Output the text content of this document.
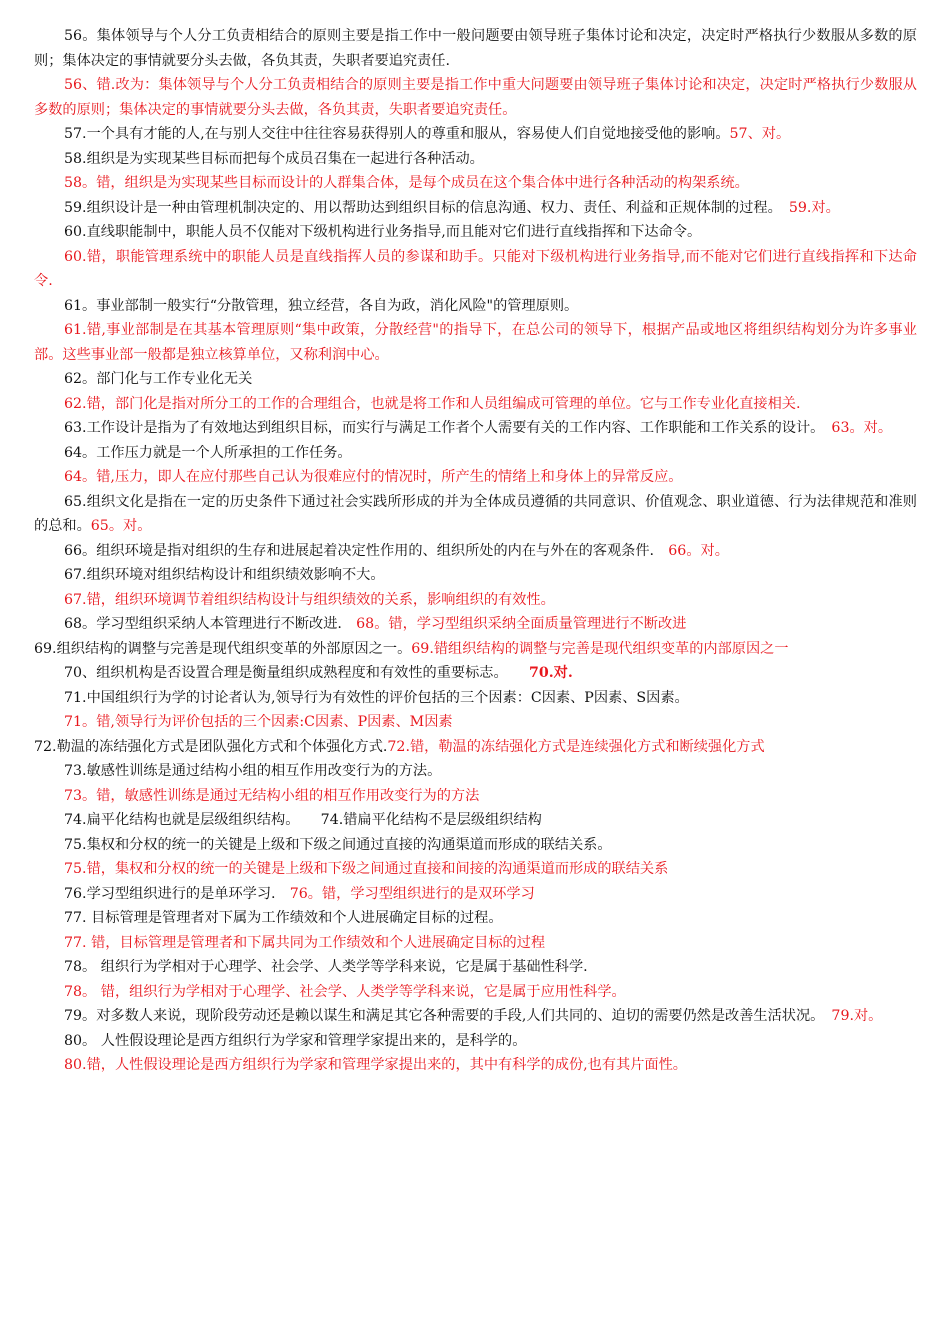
56。集体领导与个人分工负责相结合的原则主要是指工作中一般问题要由领导班子集体讨论和决定，决定时严格执行少数服从多数的原则；集体决定的事情就要分头去做，各负其责，失职者要追究责任.

56、错.改为：集体领导与个人分工负责相结合的原则主要是指工作中重大问题要由领导班子集体讨论和决定，决定时严格执行少数服从多数的原则；集体决定的事情就要分头去做，各负其责，失职者要追究责任。

57.一个具有才能的人,在与别人交往中往往容易获得别人的尊重和服从，容易使人们自觉地接受他的影响。57、对。

58.组织是为实现某些目标而把每个成员召集在一起进行各种活动。

58。错，组织是为实现某些目标而设计的人群集合体，是每个成员在这个集合体中进行各种活动的构架系统。

59.组织设计是一种由管理机制决定的、用以帮助达到组织目标的信息沟通、权力、责任、利益和正规体制的过程。　 59.对。

60.直线职能制中，职能人员不仅能对下级机构进行业务指导,而且能对它们进行直线指挥和下达命令。

60.错，职能管理系统中的职能人员是直线指挥人员的参谋和助手。只能对下级机构进行业务指导,而不能对它们进行直线指挥和下达命令.

61。事业部制一般实行“分散管理，独立经营，各自为政，消化风险"的管理原则。

61.错,事业部制是在其基本管理原则“集中政策，分散经营"的指导下，在总公司的领导下，根据产品或地区将组织结构划分为许多事业部。这些事业部一般都是独立核算单位，又称利润中心。

62。部门化与工作专业化无关

62.错，部门化是指对所分工的工作的合理组合，也就是将工作和人员组编成可管理的单位。它与工作专业化直接相关.

63.工作设计是指为了有效地达到组织目标，而实行与满足工作者个人需要有关的工作内容、工作职能和工作关系的设计。　 63。对。

64。工作压力就是一个人所承担的工作任务。

64。错,压力，即人在应付那些自己认为很难应付的情况时，所产生的情绪上和身体上的异常反应。

65.组织文化是指在一定的历史条件下通过社会实践所形成的并为全体成员遵循的共同意识、价值观念、职业道德、行为法律规范和准则的总和。65。对。

66。组织环境是指对组织的生存和进展起着决定性作用的、组织所处的内在与外在的客观条件.　 66。对。

67.组织环境对组织结构设计和组织绩效影响不大。

67.错，组织环境调节着组织结构设计与组织绩效的关系，影响组织的有效性。

68。学习型组织采纳人本管理进行不断改进.　 68。错，学习型组织采纳全面质量管理进行不断改进

69.组织结构的调整与完善是现代组织变革的外部原因之一。69.错组织结构的调整与完善是现代组织变革的内部原因之一

70、组织机构是否设置合理是衡量组织成熟程度和有效性的重要标志。　　 70.对.

71.中国组织行为学的讨论者认为,领导行为有效性的评价包括的三个因素：C因素、P因素、S因素。

71。错,领导行为评价包括的三个因素:C因素、P因素、M因素

72.勒温的冻结强化方式是团队强化方式和个体强化方式.72.错，勒温的冻结强化方式是连续强化方式和断续强化方式

73.敏感性训练是通过结构小组的相互作用改变行为的方法。

73。错，敏感性训练是通过无结构小组的相互作用改变行为的方法

74.扁平化结构也就是层级组织结构。　　 74.错扁平化结构不是层级组织结构

75.集权和分权的统一的关键是上级和下级之间通过直接的沟通渠道而形成的联结关系。

75.错，集权和分权的统一的关键是上级和下级之间通过直接和间接的沟通渠道而形成的联结关系

76.学习型组织进行的是单环学习.　 76。错，学习型组织进行的是双环学习

77. 目标管理是管理者对下属为工作绩效和个人进展确定目标的过程。

77. 错，目标管理是管理者和下属共同为工作绩效和个人进展确定目标的过程

78。 组织行为学相对于心理学、社会学、人类学等学科来说，它是属于基础性科学.

78。 错，组织行为学相对于心理学、社会学、人类学等学科来说，它是属于应用性科学。

79。对多数人来说，现阶段劳动还是赖以谋生和满足其它各种需要的手段,人们共同的、迫切的需要仍然是改善生活状况。　 79.对。

80。 人性假设理论是西方组织行为学家和管理学家提出来的，是科学的。

80.错，人性假设理论是西方组织行为学家和管理学家提出来的，其中有科学的成份,也有其片面性。
